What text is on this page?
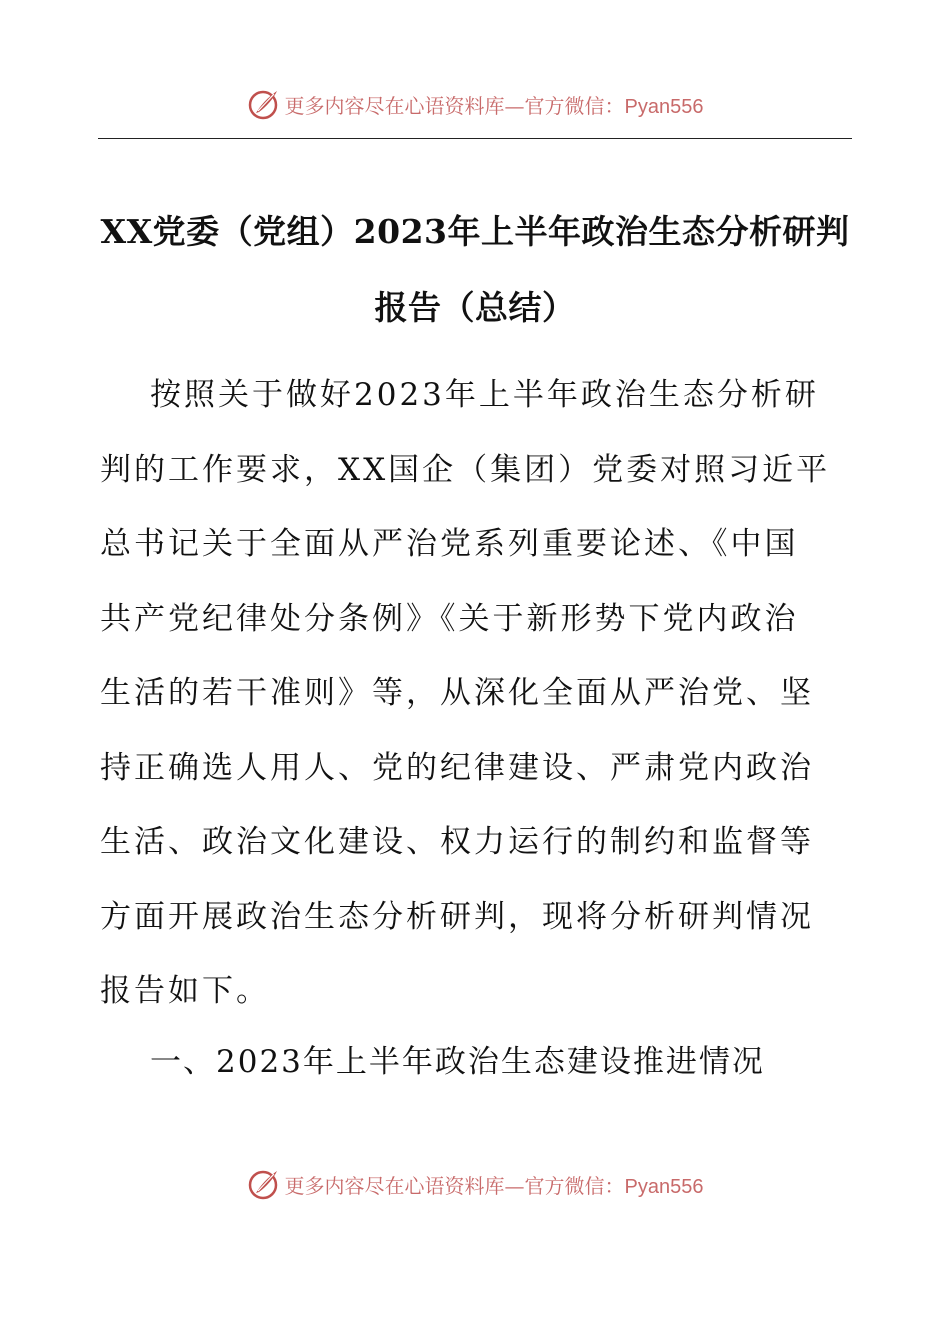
更多内容尽在心语资料库—官方微信：Pyan556
XX党委（党组）2023年上半年政治生态分析研判
报告（总结）

按照关于做好2023年上半年政治生态分析研
判的工作要求，XX国企（集团）党委对照习近平
总书记关于全面从严治党系列重要论述、《中国
共产党纪律处分条例》《关于新形势下党内政治
生活的若干准则》等，从深化全面从严治党、坚
持正确选人用人、党的纪律建设、严肃党内政治
生活、政治文化建设、权力运行的制约和监督等
方面开展政治生态分析研判，现将分析研判情况
报告如下。

一、2023年上半年政治生态建设推进情况
更多内容尽在心语资料库—官方微信：Pyan556
